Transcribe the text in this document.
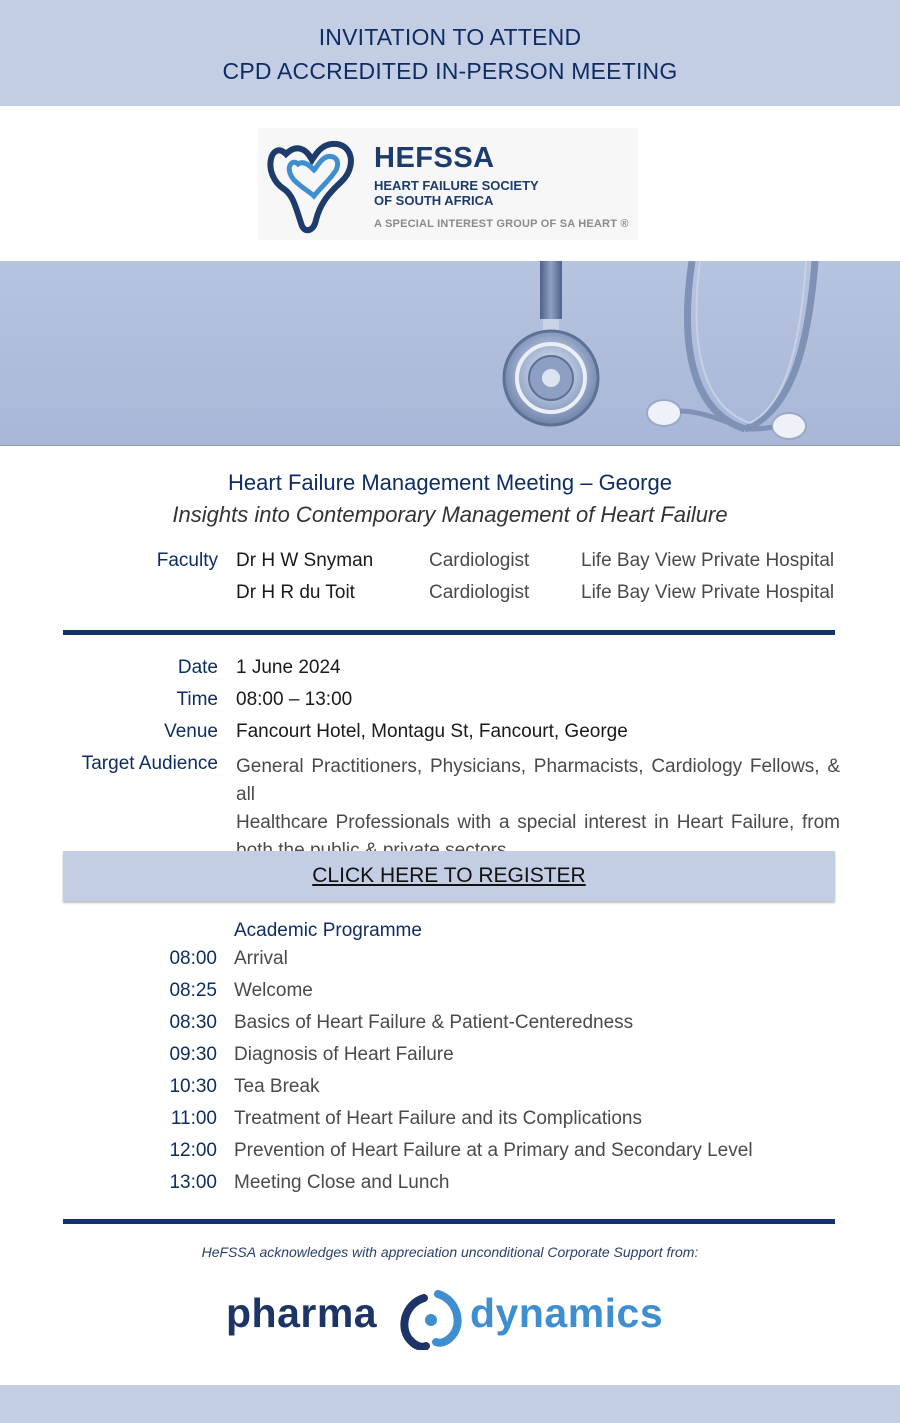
INVITATION TO ATTEND
CPD ACCREDITED IN-PERSON MEETING
HEFSSA
HEART FAILURE SOCIETY
OF SOUTH AFRICA
A SPECIAL INTEREST GROUP OF SA HEART ®
Heart Failure Management Meeting – George
Insights into Contemporary Management of Heart Failure
Faculty Dr H W Snyman	Cardiologist	Life Bay View Private Hospital
Dr H R du Toit	Cardiologist	Life Bay View Private Hospital
Date 1 June 2024
Time 08:00 – 13:00
Venue Fancourt Hotel, Montagu St, Fancourt, George
Target Audience General Practitioners, Physicians, Pharmacists, Cardiology Fellows, & all
Healthcare Professionals with a special interest in Heart Failure, from
CLICK HERE TO REGISTER
Academic Programme
08:00 Arrival
08:25 Welcome
08:30 Basics of Heart Failure & Patient-Centeredness
09:30 Diagnosis of Heart Failure
10:30 Tea Break
11:00 Treatment of Heart Failure and its Complications
12:00 Prevention of Heart Failure at a Primary and Secondary Level
13:00 Meeting Close and Lunch
HeFSSA acknowledges with appreciation unconditional Corporate Support from:
pharma dynamics
